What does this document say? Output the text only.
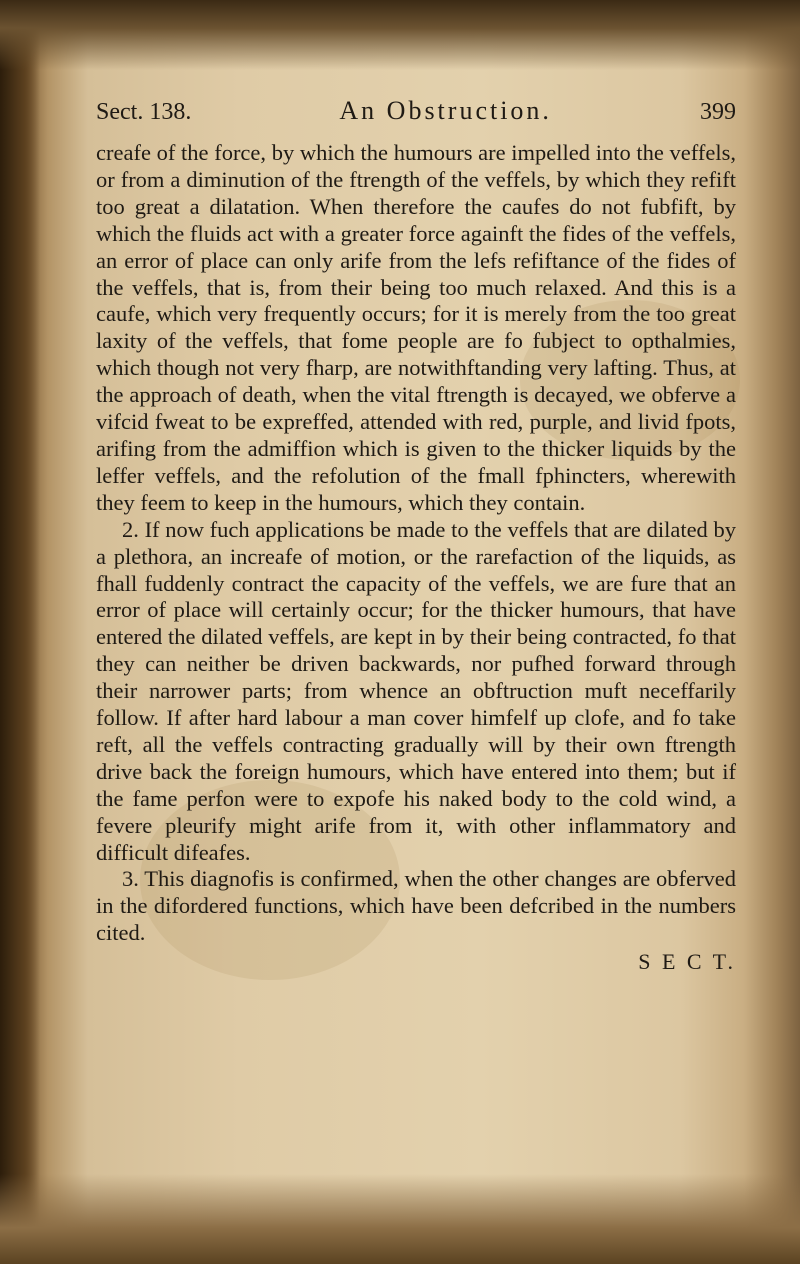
Sect. 138.	An Obstruction.	399

creafe of the force, by which the humours are impelled into the veffels, or from a diminution of the ftrength of the veffels, by which they refift too great a dilatation. When therefore the caufes do not fubfift, by which the fluids act with a greater force againft the fides of the veffels, an error of place can only arife from the lefs refiftance of the fides of the veffels, that is, from their being too much relaxed. And this is a caufe, which very frequently occurs; for it is merely from the too great laxity of the veffels, that fome people are fo fubject to opthalmies, which though not very fharp, are notwithftanding very lafting. Thus, at the approach of death, when the vital ftrength is decayed, we obferve a vifcid fweat to be expreffed, attended with red, purple, and livid fpots, arifing from the admiffion which is given to the thicker liquids by the leffer veffels, and the refolution of the fmall fphincters, wherewith they feem to keep in the humours, which they contain.

2. If now fuch applications be made to the veffels that are dilated by a plethora, an increafe of motion, or the rarefaction of the liquids, as fhall fuddenly contract the capacity of the veffels, we are fure that an error of place will certainly occur; for the thicker humours, that have entered the dilated veffels, are kept in by their being contracted, fo that they can neither be driven backwards, nor pufhed forward through their narrower parts; from whence an obftruction muft neceffarily follow. If after hard labour a man cover himfelf up clofe, and fo take reft, all the veffels contracting gradually will by their own ftrength drive back the foreign humours, which have entered into them; but if the fame perfon were to expofe his naked body to the cold wind, a fevere pleurify might arife from it, with other inflammatory and difficult difeafes.

3. This diagnofis is confirmed, when the other changes are obferved in the difordered functions, which have been defcribed in the numbers cited.

S E C T.
